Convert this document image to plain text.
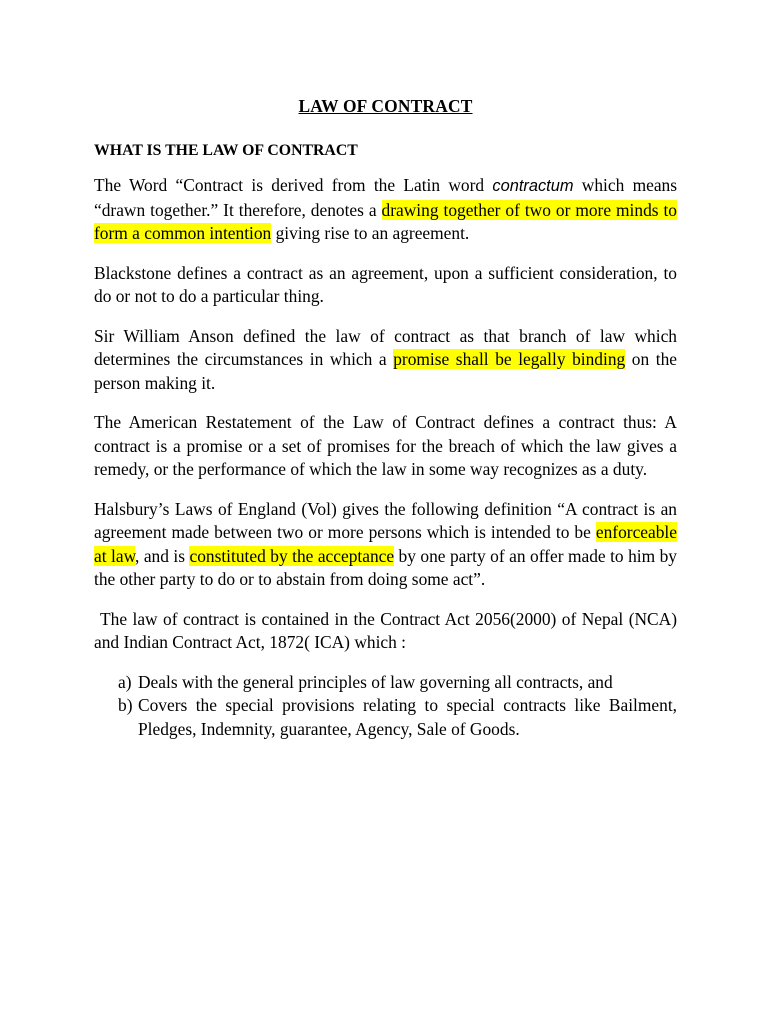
LAW OF CONTRACT
WHAT IS THE LAW OF CONTRACT

The Word “Contract is derived from the Latin word contractum which means “drawn together.” It therefore, denotes a drawing together of two or more minds to form a common intention giving rise to an agreement.

Blackstone defines a contract as an agreement, upon a sufficient consideration, to do or not to do a particular thing.

Sir William Anson defined the law of contract as that branch of law which determines the circumstances in which a promise shall be legally binding on the person making it.

The American Restatement of the Law of Contract defines a contract thus: A contract is a promise or a set of promises for the breach of which the law gives a remedy, or the performance of which the law in some way recognizes as a duty.

Halsbury’s Laws of England (Vol) gives the following definition “A contract is an agreement made between two or more persons which is intended to be enforceable at law, and is constituted by the acceptance by one party of an offer made to him by the other party to do or to abstain from doing some act”.

The law of contract is contained in the Contract Act 2056(2000) of Nepal (NCA) and Indian Contract Act, 1872( ICA) which :

a) Deals with the general principles of law governing all contracts, and
b) Covers the special provisions relating to special contracts like Bailment, Pledges, Indemnity, guarantee, Agency, Sale of Goods.
